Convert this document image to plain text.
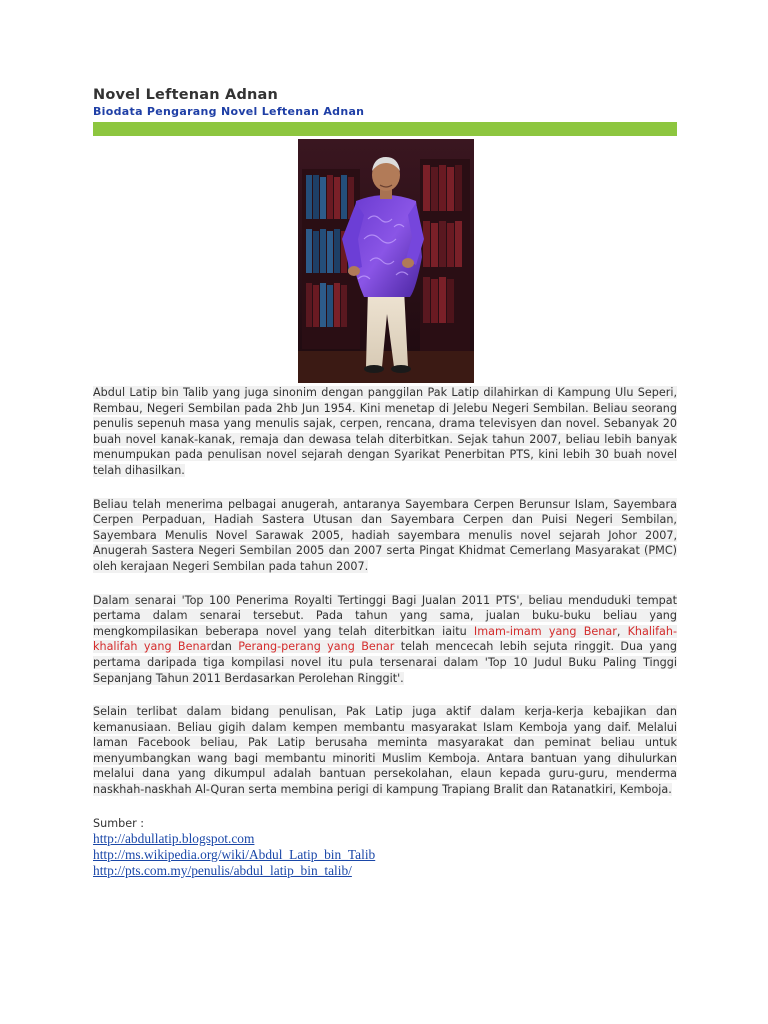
Novel Leftenan Adnan
Biodata Pengarang Novel Leftenan Adnan

Abdul Latip bin Talib yang juga sinonim dengan panggilan Pak Latip dilahirkan di Kampung Ulu Seperi, Rembau, Negeri Sembilan pada 2hb Jun 1954. Kini menetap di Jelebu Negeri Sembilan. Beliau seorang penulis sepenuh masa yang menulis sajak, cerpen, rencana, drama televisyen dan novel. Sebanyak 20 buah novel kanak-kanak, remaja dan dewasa telah diterbitkan. Sejak tahun 2007, beliau lebih banyak menumpukan pada penulisan novel sejarah dengan Syarikat Penerbitan PTS, kini lebih 30 buah novel telah dihasilkan.

Beliau telah menerima pelbagai anugerah, antaranya Sayembara Cerpen Berunsur Islam, Sayembara Cerpen Perpaduan, Hadiah Sastera Utusan dan Sayembara Cerpen dan Puisi Negeri Sembilan, Sayembara Menulis Novel Sarawak 2005, hadiah sayembara menulis novel sejarah Johor 2007, Anugerah Sastera Negeri Sembilan 2005 dan 2007 serta Pingat Khidmat Cemerlang Masyarakat (PMC) oleh kerajaan Negeri Sembilan pada tahun 2007.

Dalam senarai 'Top 100 Penerima Royalti Tertinggi Bagi Jualan 2011 PTS', beliau menduduki tempat pertama dalam senarai tersebut. Pada tahun yang sama, jualan buku-buku beliau yang mengkompilasikan beberapa novel yang telah diterbitkan iaitu Imam-imam yang Benar, Khalifah-khalifah yang Benardan Perang-perang yang Benar telah mencecah lebih sejuta ringgit. Dua yang pertama daripada tiga kompilasi novel itu pula tersenarai dalam 'Top 10 Judul Buku Paling Tinggi Sepanjang Tahun 2011 Berdasarkan Perolehan Ringgit'.

Selain terlibat dalam bidang penulisan, Pak Latip juga aktif dalam kerja-kerja kebajikan dan kemanusiaan. Beliau gigih dalam kempen membantu masyarakat Islam Kemboja yang daif. Melalui laman Facebook beliau, Pak Latip berusaha meminta masyarakat dan peminat beliau untuk menyumbangkan wang bagi membantu minoriti Muslim Kemboja. Antara bantuan yang dihulurkan melalui dana yang dikumpul adalah bantuan persekolahan, elaun kepada guru-guru, menderma naskhah-naskhah Al-Quran serta membina perigi di kampung Trapiang Bralit dan Ratanatkiri, Kemboja.

Sumber :
http://abdullatip.blogspot.com
http://ms.wikipedia.org/wiki/Abdul_Latip_bin_Talib
http://pts.com.my/penulis/abdul_latip_bin_talib/
